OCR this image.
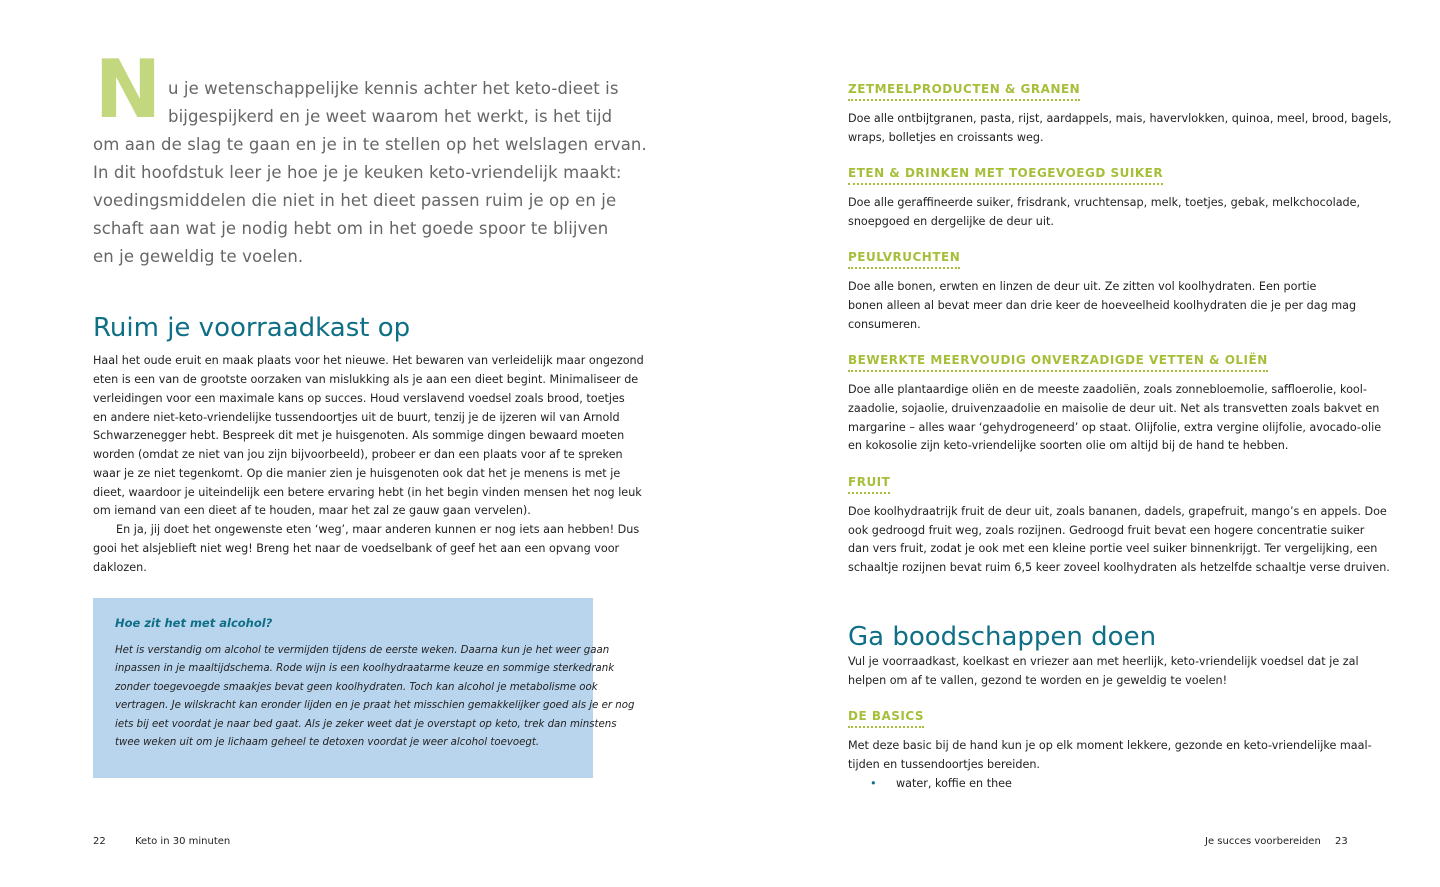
N u je wetenschappelijke kennis achter het keto-dieet is
bijgespijkerd en je weet waarom het werkt, is het tijd
om aan de slag te gaan en je in te stellen op het welslagen ervan.
In dit hoofdstuk leer je hoe je je keuken keto-vriendelijk maakt:
voedingsmiddelen die niet in het dieet passen ruim je op en je
schaft aan wat je nodig hebt om in het goede spoor te blijven
en je geweldig te voelen.
Ruim je voorraadkast op
Haal het oude eruit en maak plaats voor het nieuwe. Het bewaren van verleidelijk maar ongezond
eten is een van de grootste oorzaken van mislukking als je aan een dieet begint. Minimaliseer de
verleidingen voor een maximale kans op succes. Houd verslavend voedsel zoals brood, toetjes
en andere niet-keto-vriendelijke tussendoortjes uit de buurt, tenzij je de ijzeren wil van Arnold
Schwarzenegger hebt. Bespreek dit met je huisgenoten. Als sommige dingen bewaard moeten
worden (omdat ze niet van jou zijn bijvoorbeeld), probeer er dan een plaats voor af te spreken
waar je ze niet tegenkomt. Op die manier zien je huisgenoten ook dat het je menens is met je
dieet, waardoor je uiteindelijk een betere ervaring hebt (in het begin vinden mensen het nog leuk
om iemand van een dieet af te houden, maar het zal ze gauw gaan vervelen).
En ja, jij doet het ongewenste eten ‘weg’, maar anderen kunnen er nog iets aan hebben! Dus
gooi het alsjeblieft niet weg! Breng het naar de voedselbank of geef het aan een opvang voor
daklozen.
Hoe zit het met alcohol?
Het is verstandig om alcohol te vermijden tijdens de eerste weken. Daarna kun je het weer gaan
inpassen in je maaltijdschema. Rode wijn is een koolhydraatarme keuze en sommige sterkedrank
zonder toegevoegde smaakjes bevat geen koolhydraten. Toch kan alcohol je metabolisme ook
vertragen. Je wilskracht kan eronder lijden en je praat het misschien gemakkelijker goed als je er nog
iets bij eet voordat je naar bed gaat. Als je zeker weet dat je overstapt op keto, trek dan minstens
twee weken uit om je lichaam geheel te detoxen voordat je weer alcohol toevoegt.
22	Keto in 30 minuten
ZETMEELPRODUCTEN & GRANEN
Doe alle ontbijtgranen, pasta, rijst, aardappels, mais, havervlokken, quinoa, meel, brood, bagels,
wraps, bolletjes en croissants weg.
ETEN & DRINKEN MET TOEGEVOEGD SUIKER
Doe alle geraffineerde suiker, frisdrank, vruchtensap, melk, toetjes, gebak, melkchocolade,
snoepgoed en dergelijke de deur uit.
PEULVRUCHTEN
Doe alle bonen, erwten en linzen de deur uit. Ze zitten vol koolhydraten. Een portie
bonen alleen al bevat meer dan drie keer de hoeveelheid koolhydraten die je per dag mag
consumeren.
BEWERKTE MEERVOUDIG ONVERZADIGDE VETTEN & OLIËN
Doe alle plantaardige oliën en de meeste zaadoliën, zoals zonnebloemolie, saffloerolie, kool-
zaadolie, sojaolie, druivenzaadolie en maisolie de deur uit. Net als transvetten zoals bakvet en
margarine – alles waar ‘gehydrogeneerd’ op staat. Olijfolie, extra vergine olijfolie, avocado-olie
en kokosolie zijn keto-vriendelijke soorten olie om altijd bij de hand te hebben.
FRUIT
Doe koolhydraatrijk fruit de deur uit, zoals bananen, dadels, grapefruit, mango’s en appels. Doe
ook gedroogd fruit weg, zoals rozijnen. Gedroogd fruit bevat een hogere concentratie suiker
dan vers fruit, zodat je ook met een kleine portie veel suiker binnenkrijgt. Ter vergelijking, een
schaaltje rozijnen bevat ruim 6,5 keer zoveel koolhydraten als hetzelfde schaaltje verse druiven.
Ga boodschappen doen
Vul je voorraadkast, koelkast en vriezer aan met heerlijk, keto-vriendelijk voedsel dat je zal
helpen om af te vallen, gezond te worden en je geweldig te voelen!
DE BASICS
Met deze basic bij de hand kun je op elk moment lekkere, gezonde en keto-vriendelijke maal-
tijden en tussendoortjes bereiden.
• water, koffie en thee
Je succes voorbereiden 23
